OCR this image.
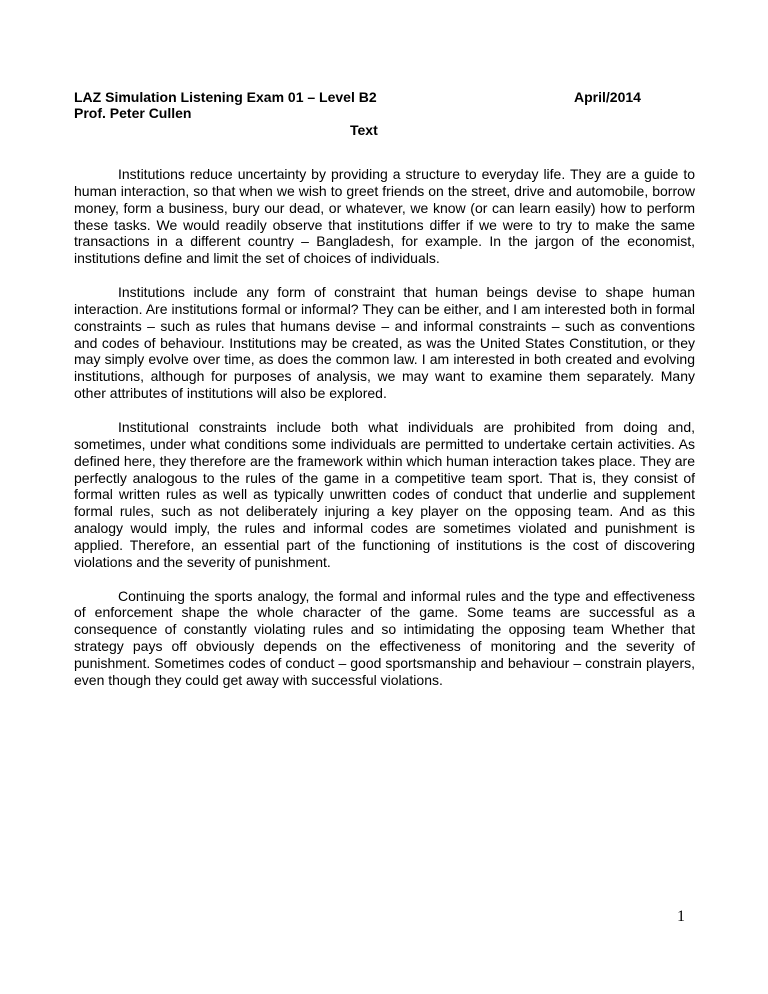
LAZ Simulation Listening Exam 01 – Level B2
Prof. Peter Cullen
April/2014
Text

Institutions reduce uncertainty by providing a structure to everyday life. They are a guide to human interaction, so that when we wish to greet friends on the street, drive and automobile, borrow money, form a business, bury our dead, or whatever, we know (or can learn easily) how to perform these tasks. We would readily observe that institutions differ if we were to try to make the same transactions in a different country – Bangladesh, for example. In the jargon of the economist, institutions define and limit the set of choices of individuals.

Institutions include any form of constraint that human beings devise to shape human interaction. Are institutions formal or informal? They can be either, and I am interested both in formal constraints – such as rules that humans devise – and informal constraints – such as conventions and codes of behaviour. Institutions may be created, as was the United States Constitution, or they may simply evolve over time, as does the common law. I am interested in both created and evolving institutions, although for purposes of analysis, we may want to examine them separately. Many other attributes of institutions will also be explored.

Institutional constraints include both what individuals are prohibited from doing and, sometimes, under what conditions some individuals are permitted to undertake certain activities. As defined here, they therefore are the framework within which human interaction takes place. They are perfectly analogous to the rules of the game in a competitive team sport. That is, they consist of formal written rules as well as typically unwritten codes of conduct that underlie and supplement formal rules, such as not deliberately injuring a key player on the opposing team. And as this analogy would imply, the rules and informal codes are sometimes violated and punishment is applied. Therefore, an essential part of the functioning of institutions is the cost of discovering violations and the severity of punishment.

Continuing the sports analogy, the formal and informal rules and the type and effectiveness of enforcement shape the whole character of the game. Some teams are successful as a consequence of constantly violating rules and so intimidating the opposing team Whether that strategy pays off obviously depends on the effectiveness of monitoring and the severity of punishment. Sometimes codes of conduct – good sportsmanship and behaviour – constrain players, even though they could get away with successful violations.

1
